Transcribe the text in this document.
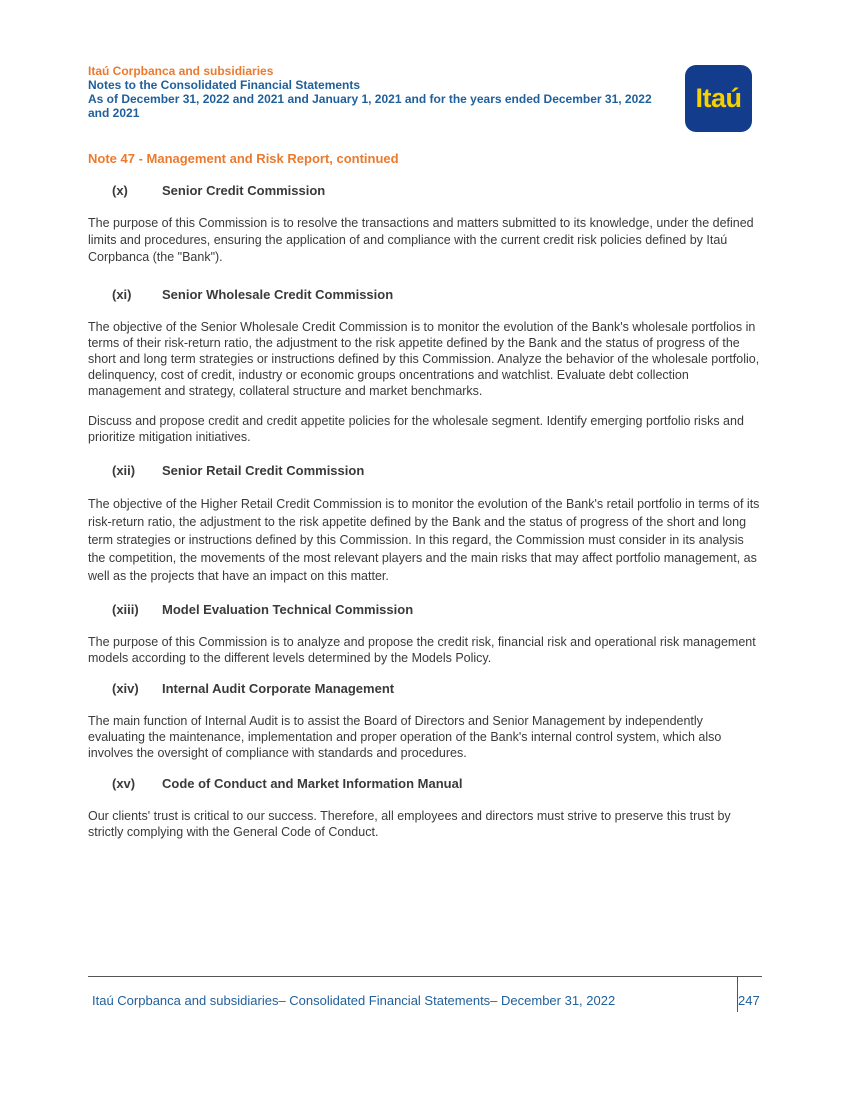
Itaú Corpbanca and subsidiaries
Notes to the Consolidated Financial Statements
As of December 31, 2022 and 2021 and January 1, 2021 and for the years ended December 31, 2022
and 2021	Itaú
Note 47 - Management and Risk Report, continued
(x)	Senior Credit Commission

The purpose of this Commission is to resolve the transactions and matters submitted to its knowledge, under the defined limits and procedures, ensuring the application of and compliance with the current credit risk policies defined by Itaú Corpbanca (the "Bank").

(xi) Senior Wholesale Credit Commission

The objective of the Senior Wholesale Credit Commission is to monitor the evolution of the Bank's wholesale portfolios in terms of their risk-return ratio, the adjustment to the risk appetite defined by the Bank and the status of progress of the short and long term strategies or instructions defined by this Commission. Analyze the behavior of the wholesale portfolio, delinquency, cost of credit, industry or economic groups oncentrations and watchlist. Evaluate debt collection management and strategy, collateral structure and market benchmarks.

Discuss and propose credit and credit appetite policies for the wholesale segment. Identify emerging portfolio risks and prioritize mitigation initiatives.

(xii) Senior Retail Credit Commission

The objective of the Higher Retail Credit Commission is to monitor the evolution of the Bank's retail portfolio in terms of its risk-return ratio, the adjustment to the risk appetite defined by the Bank and the status of progress of the short and long term strategies or instructions defined by this Commission. In this regard, the Commission must consider in its analysis the competition, the movements of the most relevant players and the main risks that may affect portfolio management, as well as the projects that have an impact on this matter.

(xiii) Model Evaluation Technical Commission

The purpose of this Commission is to analyze and propose the credit risk, financial risk and operational risk management models according to the different levels determined by the Models Policy.

(xiv) Internal Audit Corporate Management

The main function of Internal Audit is to assist the Board of Directors and Senior Management by independently evaluating the maintenance, implementation and proper operation of the Bank's internal control system, which also involves the oversight of compliance with standards and procedures.

(xv) Code of Conduct and Market Information Manual

Our clients' trust is critical to our success. Therefore, all employees and directors must strive to preserve this trust by strictly complying with the General Code of Conduct.

Itaú Corpbanca and subsidiaries– Consolidated Financial Statements– December 31, 2022	247
